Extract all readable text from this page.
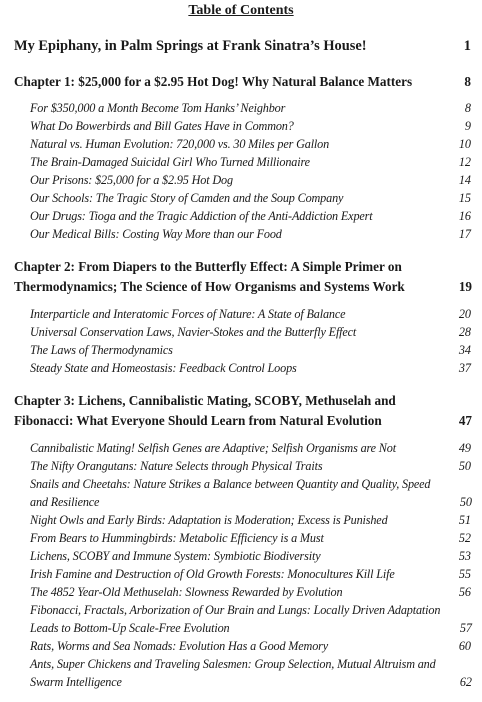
Table of Contents
My Epiphany, in Palm Springs at Frank Sinatra’s House!	1
Chapter 1: $25,000 for a $2.95 Hot Dog! Why Natural Balance Matters	8
For $350,000 a Month Become Tom Hanks’ Neighbor	8
What Do Bowerbirds and Bill Gates Have in Common?	9
Natural vs. Human Evolution: 720,000 vs. 30 Miles per Gallon	10
The Brain-Damaged Suicidal Girl Who Turned Millionaire	12
Our Prisons: $25,000 for a $2.95 Hot Dog	14
Our Schools: The Tragic Story of Camden and the Soup Company	15
Our Drugs: Tioga and the Tragic Addiction of the Anti-Addiction Expert	16
Our Medical Bills: Costing Way More than our Food	17
Chapter 2: From Diapers to the Butterfly Effect: A Simple Primer on Thermodynamics; The Science of How Organisms and Systems Work	19
Interparticle and Interatomic Forces of Nature: A State of Balance	20
Universal Conservation Laws, Navier-Stokes and the Butterfly Effect	28
The Laws of Thermodynamics	34
Steady State and Homeostasis: Feedback Control Loops	37
Chapter 3: Lichens, Cannibalistic Mating, SCOBY, Methuselah and Fibonacci: What Everyone Should Learn from Natural Evolution	47
Cannibalistic Mating! Selfish Genes are Adaptive; Selfish Organisms are Not	49
The Nifty Orangutans: Nature Selects through Physical Traits	50
Snails and Cheetahs: Nature Strikes a Balance between Quantity and Quality, Speed and Resilience	50
Night Owls and Early Birds: Adaptation is Moderation; Excess is Punished	51
From Bears to Hummingbirds: Metabolic Efficiency is a Must	52
Lichens, SCOBY and Immune System: Symbiotic Biodiversity	53
Irish Famine and Destruction of Old Growth Forests: Monocultures Kill Life	55
The 4852 Year-Old Methuselah: Slowness Rewarded by Evolution	56
Fibonacci, Fractals, Arborization of Our Brain and Lungs: Locally Driven Adaptation Leads to Bottom-Up Scale-Free Evolution	57
Rats, Worms and Sea Nomads: Evolution Has a Good Memory	60
Ants, Super Chickens and Traveling Salesmen: Group Selection, Mutual Altruism and Swarm Intelligence	62
